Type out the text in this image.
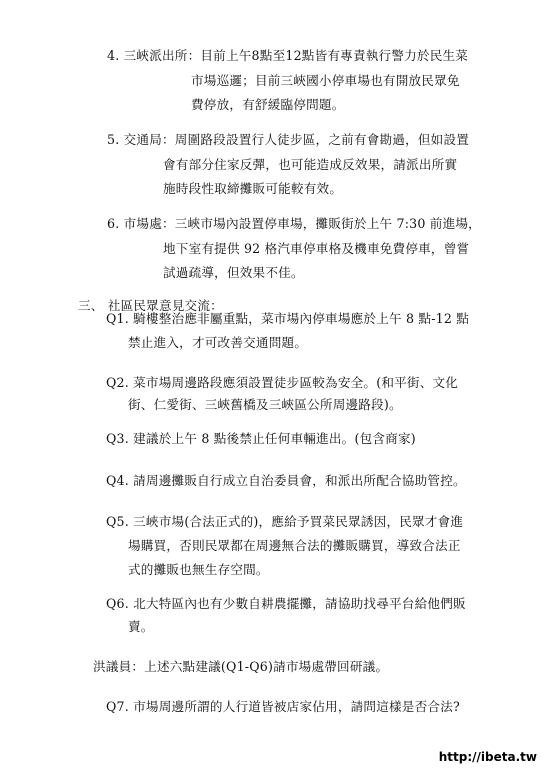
4. 三峽派出所：目前上午8點至12點皆有專責執行警力於民生菜
市場巡邏；目前三峽國小停車場也有開放民眾免
費停放，有舒緩臨停問題。
5. 交通局：周圍路段設置行人徒步區，之前有會勘過，但如設置
會有部分住家反彈，也可能造成反效果，請派出所實
施時段性取締攤販可能較有效。
6. 市場處：三峽市場內設置停車場，攤販街於上午 7:30 前進場，
地下室有提供 92 格汽車停車格及機車免費停車，曾嘗
試過疏導，但效果不佳。
三、 社區民眾意見交流：
Q1. 騎樓整治應非屬重點，菜市場內停車場應於上午 8 點-12 點
禁止進入，才可改善交通問題。
Q2. 菜市場周邊路段應須設置徒步區較為安全。(和平街、文化
街、仁愛街、三峽舊橋及三峽區公所周邊路段)。
Q3. 建議於上午 8 點後禁止任何車輛進出。(包含商家)
Q4. 請周邊攤販自行成立自治委員會，和派出所配合協助管控。
Q5. 三峽市場(合法正式的)，應給予買菜民眾誘因，民眾才會進
場購買，否則民眾都在周邊無合法的攤販購買，導致合法正
式的攤販也無生存空間。
Q6. 北大特區內也有少數自耕農擺攤，請協助找尋平台給他們販
賣。
洪議員：上述六點建議(Q1-Q6)請市場處帶回研議。
Q7. 市場周邊所謂的人行道皆被店家佔用，請問這樣是否合法?
http://ibeta.tw
